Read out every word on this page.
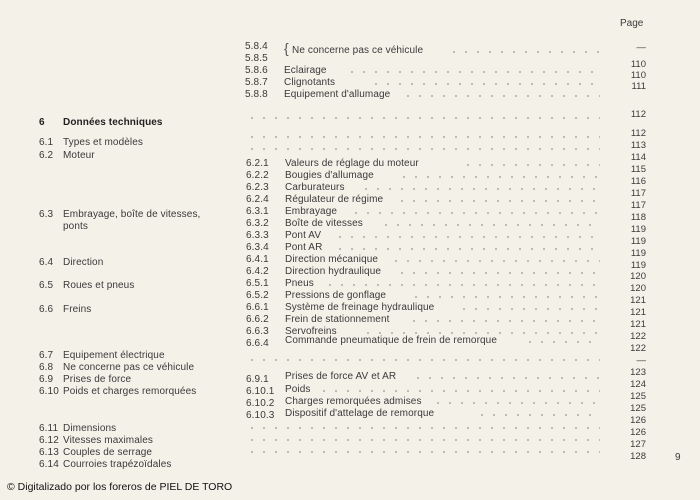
Page
6 Données techniques
6.1 Types et modèles
6.2 Moteur
6.3 Embrayage, boîte de vitesses,
ponts
6.4 Direction
6.5 Roues et pneus
6.6 Freins
6.7 Equipement électrique
6.8 Ne concerne pas ce véhicule
6.9 Prises de force
6.10 Poids et charges remorquées
6.11 Dimensions
6.12 Vitesses maximales
6.13 Couples de serrage
6.14 Courroies trapézoïdales
{
5.8.4 Ne concerne pas ce véhicule
5.8.5
5.8.6 Eclairage
5.8.7 Clignotants
5.8.8 Equipement d'allumage
6.2.1 Valeurs de réglage du moteur
6.2.2 Bougies d'allumage
6.2.3 Carburateurs
6.2.4 Régulateur de régime
6.3.1 Embrayage
6.3.2 Boîte de vitesses
6.3.3 Pont AV
6.3.4 Pont AR
6.4.1 Direction mécanique
6.4.2 Direction hydraulique
6.5.1 Pneus
6.5.2 Pressions de gonflage
6.6.1 Système de freinage hydraulique
6.6.2 Frein de stationnement
6.6.3 Servofreins
6.6.4 Commande pneumatique de frein de remorque
6.9.1 Prises de force AV et AR
6.10.1 Poids
6.10.2 Charges remorquées admises
6.10.3 Dispositif d'attelage de remorque
—
110
110
111
112
112
113
114
115
116
117
117
118
119
119
119
119
120
120
121
121
121
122
122
—
123
124
125
125
126
126
127
128	9
© Digitalizado por los foreros de PIEL DE TORO
